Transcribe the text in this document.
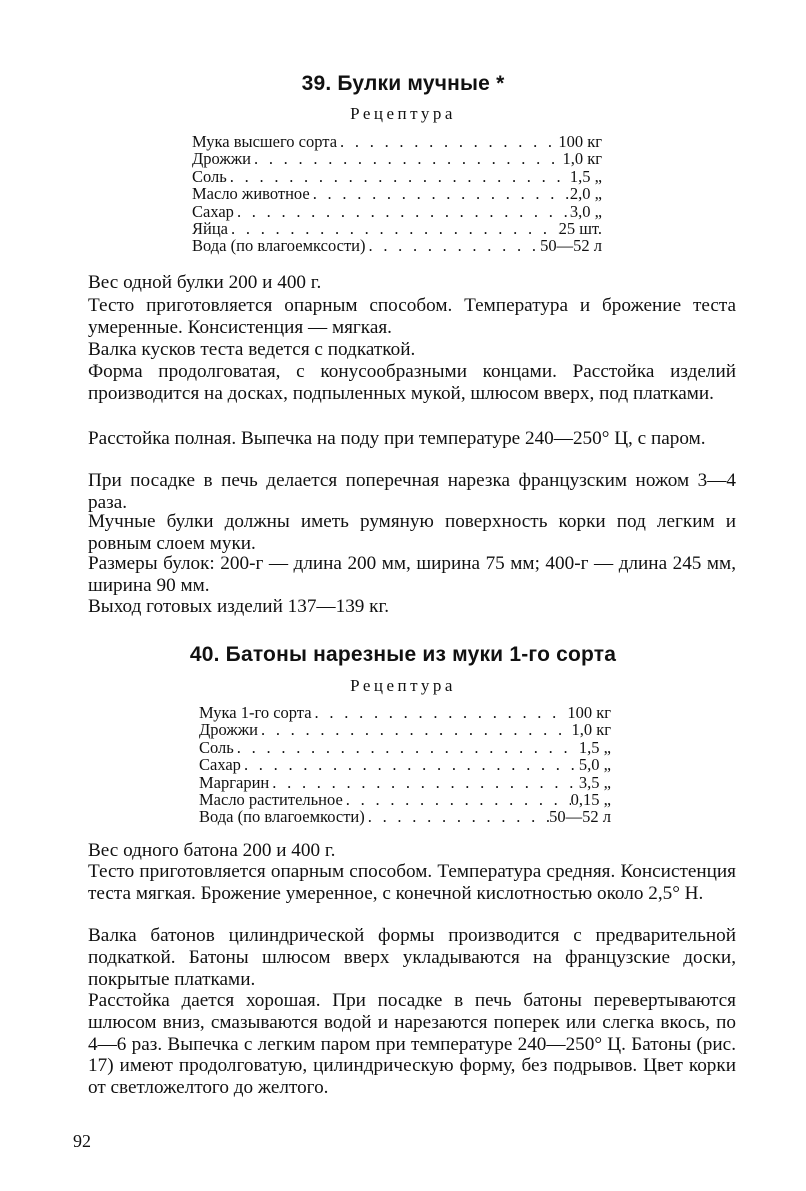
39. Булки мучные *
Рецептура
Мука высшего сорта . . .	100 кг
Дрожжи . . .	1,0 кг
Соль . . .	1,5 „
Масло животное . . .	2,0 „
Сахар . . .	3,0 „
Яйца . . .	25 шт.
Вода (по влагоемксости) . . .	50—52 л

Вес одной булки 200 и 400 г.

Тесто приготовляется опарным способом. Температура и брожение теста умеренные. Консистенция — мягкая.

Валка кусков теста ведется с подкаткой.

Форма продолговатая, с конусообразными концами. Расстойка изделий производится на досках, подпыленных мукой, шлюсом вверх, под платками.

Расстойка полная. Выпечка на поду при температуре 240—250° Ц, с паром.

При посадке в печь делается поперечная нарезка французским ножом 3—4 раза.

Мучные булки должны иметь румяную поверхность корки под легким и ровным слоем муки.

Размеры булок: 200-г — длина 200 мм, ширина 75 мм; 400-г — длина 245 мм, ширина 90 мм.

Выход готовых изделий 137—139 кг.

40. Батоны нарезные из муки 1-го сорта
Рецептура
Мука 1-го сорта . . .	100 кг
Дрожжи . . .	1,0 кг
Соль . . .	1,5 „
Сахар . . .	5,0 „
Маргарин . . .	3,5 „
Масло растительное . . .	0,15 „
Вода (по влагоемкости) . . .	50—52 л

Вес одного батона 200 и 400 г.

Тесто приготовляется опарным способом. Температура средняя. Консистенция теста мягкая. Брожение умеренное, с конечной кислотностью около 2,5° Н.

Валка батонов цилиндрической формы производится с предварительной подкаткой. Батоны шлюсом вверх укладываются на французские доски, покрытые платками.

Расстойка дается хорошая. При посадке в печь батоны перевертываются шлюсом вниз, смазываются водой и нарезаются поперек или слегка вкось, по 4—6 раз. Выпечка с легким паром при температуре 240—250° Ц. Батоны (рис. 17) имеют продолговатую, цилиндрическую форму, без подрывов. Цвет корки от светложелтого до желтого.

92
